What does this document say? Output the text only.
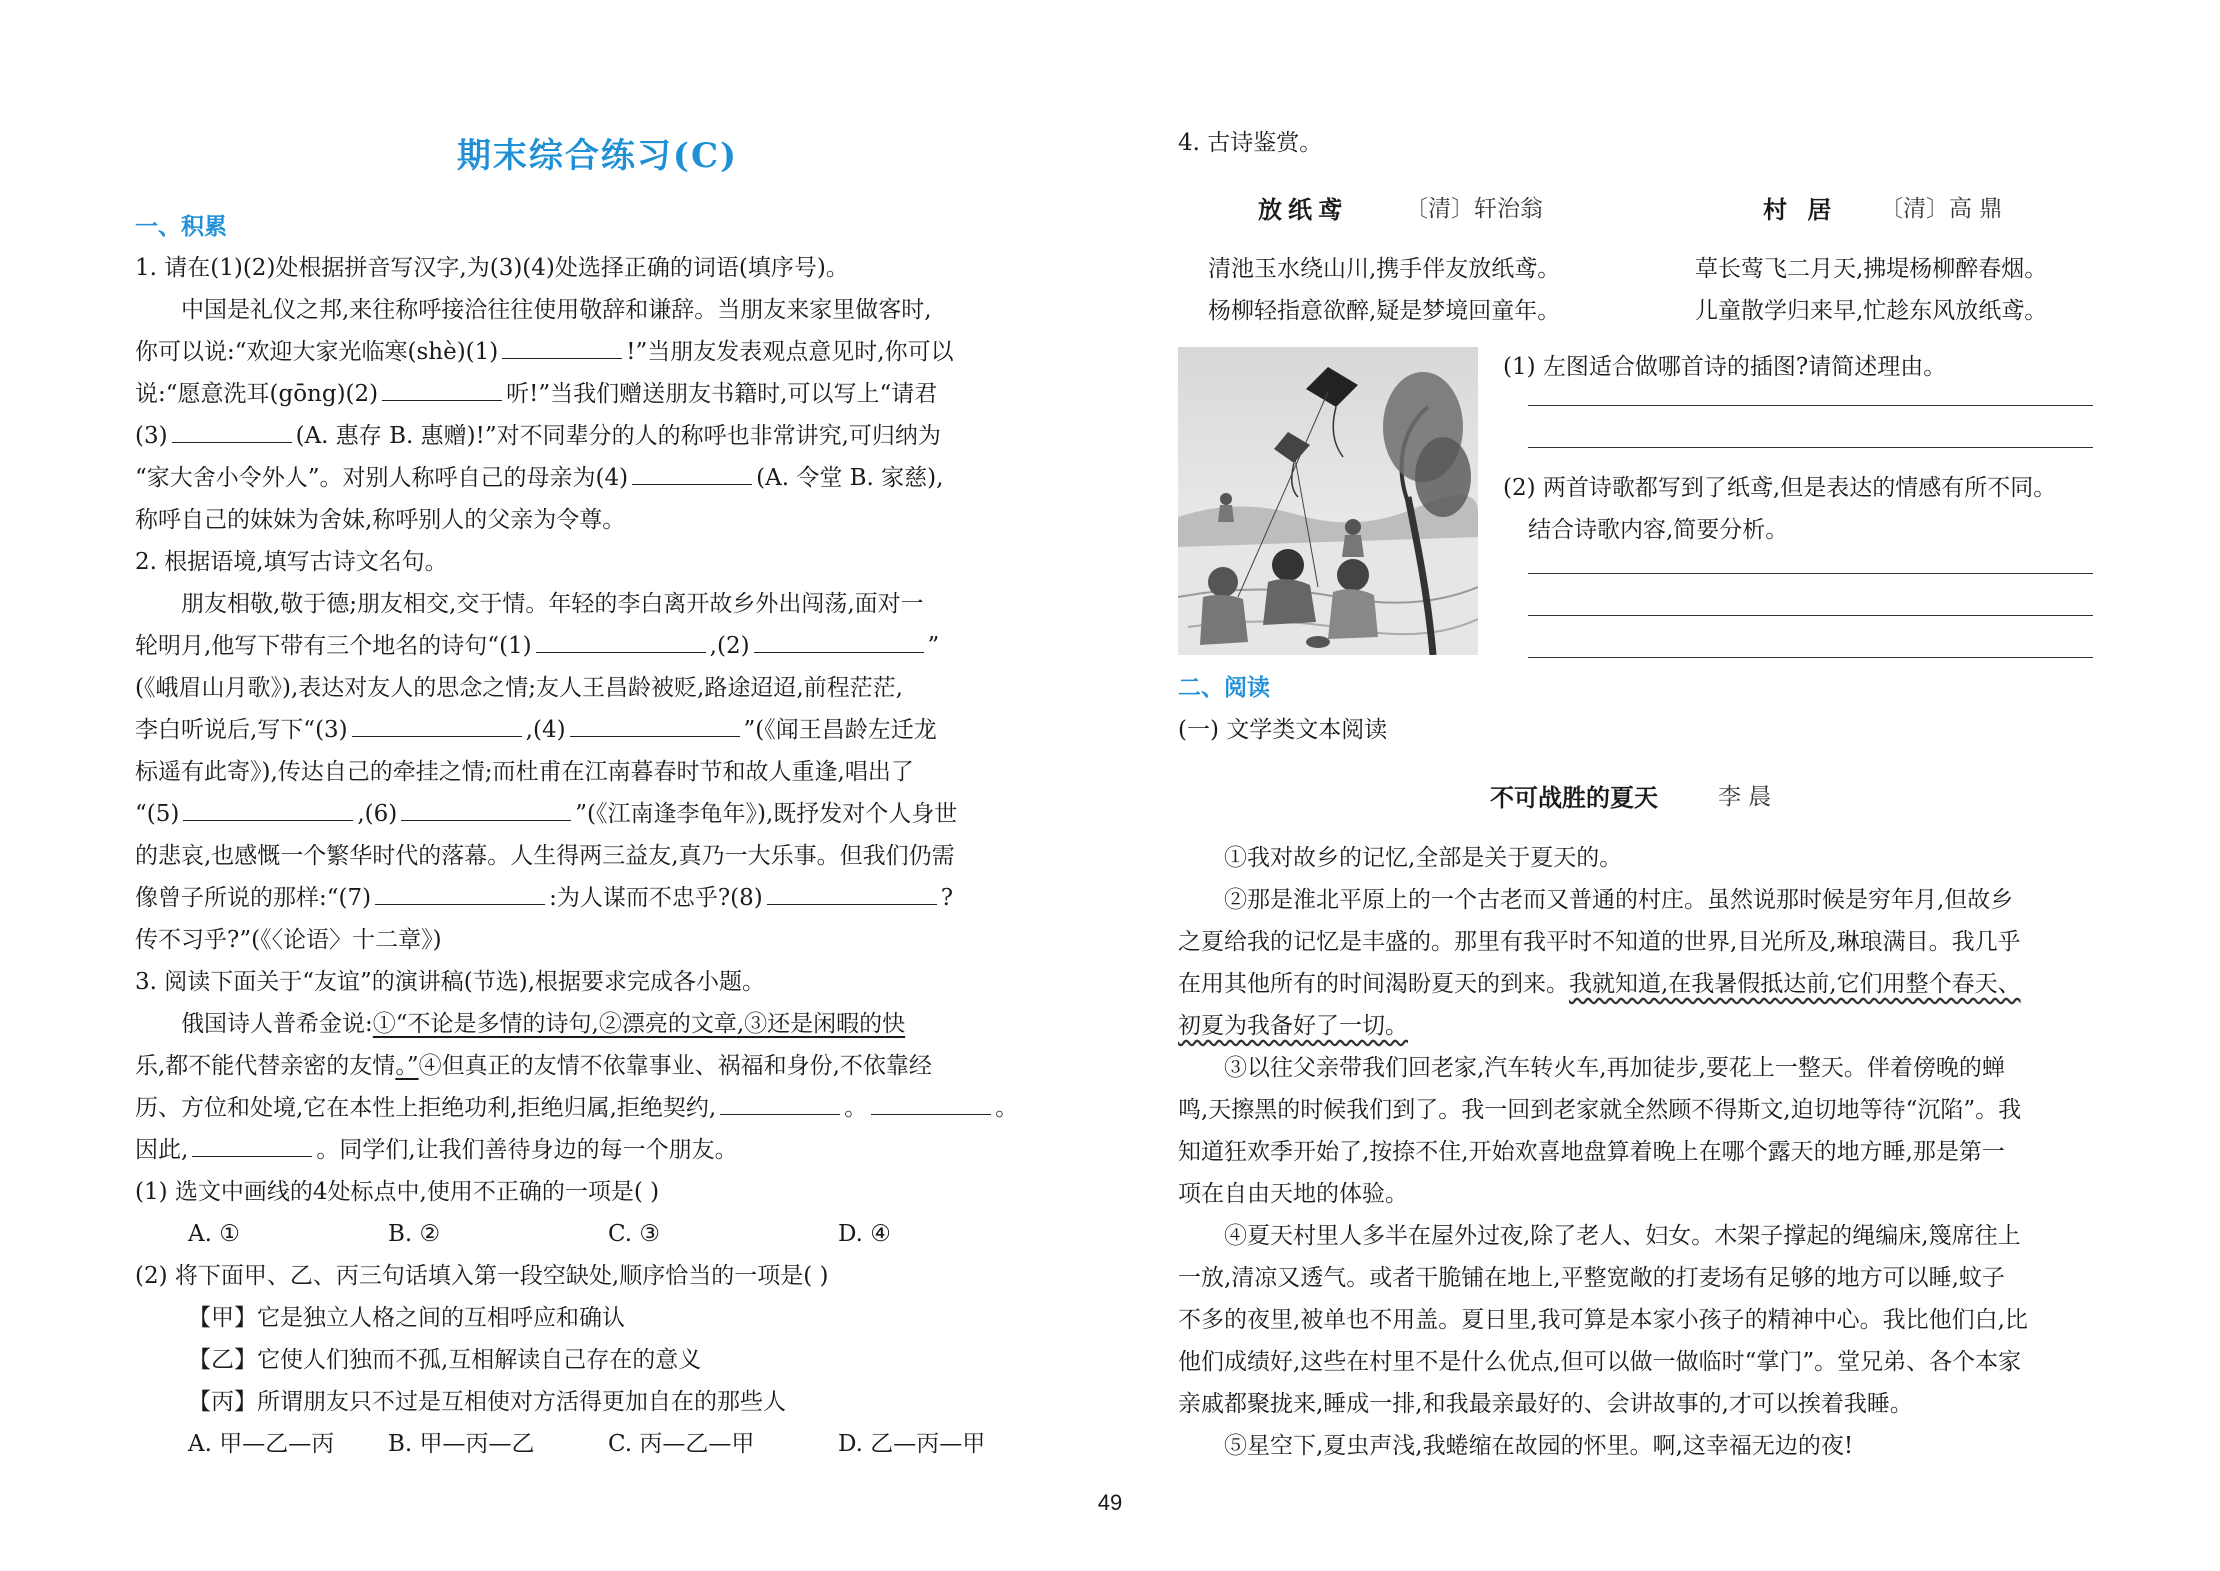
期末综合练习(C)
一、积累
1. 请在(1)(2)处根据拼音写汉字,为(3)(4)处选择正确的词语(填序号)。
中国是礼仪之邦,来往称呼接洽往往使用敬辞和谦辞。当朋友来家里做客时,
你可以说:“欢迎大家光临寒(shè)(1)	!”当朋友发表观点意见时,你可以
说:“愿意洗耳(gōng)(2)	听!”当我们赠送朋友书籍时,可以写上“请君
(3)	(A. 惠存 B. 惠赠)!”对不同辈分的人的称呼也非常讲究,可归纳为
“家大舍小令外人”。对别人称呼自己的母亲为(4)	(A. 令堂 B. 家慈),
称呼自己的妹妹为舍妹,称呼别人的父亲为令尊。
2. 根据语境,填写古诗文名句。
朋友相敬,敬于德;朋友相交,交于情。年轻的李白离开故乡外出闯荡,面对一
轮明月,他写下带有三个地名的诗句“(1)	,(2)	”
(《峨眉山月歌》),表达对友人的思念之情;友人王昌龄被贬,路途迢迢,前程茫茫,
李白听说后,写下“(3)	,(4)	”(《闻王昌龄左迁龙
标遥有此寄》),传达自己的牵挂之情;而杜甫在江南暮春时节和故人重逢,唱出了
“(5)	,(6)	”(《江南逢李龟年》),既抒发对个人身世
的悲哀,也感慨一个繁华时代的落幕。人生得两三益友,真乃一大乐事。但我们仍需
像曾子所说的那样:“(7)	:为人谋而不忠乎?(8)	?
传不习乎?”(《〈论语〉十二章》)
3. 阅读下面关于“友谊”的演讲稿(节选),根据要求完成各小题。
俄国诗人普希金说:①“不论是多情的诗句,②漂亮的文章,③还是闲暇的快
乐,都不能代替亲密的友情。”④但真正的友情不依靠事业、祸福和身份,不依靠经
历、方位和处境,它在本性上拒绝功利,拒绝归属,拒绝契约,	。	。
因此,	。同学们,让我们善待身边的每一个朋友。
(1) 选文中画线的4处标点中,使用不正确的一项是( )
A. ①	B. ②	C. ③	D. ④
(2) 将下面甲、乙、丙三句话填入第一段空缺处,顺序恰当的一项是( )
【甲】它是独立人格之间的互相呼应和确认
【乙】它使人们独而不孤,互相解读自己存在的意义
【丙】所谓朋友只不过是互相使对方活得更加自在的那些人
A. 甲—乙—丙 B. 甲—丙—乙	C. 丙—乙—甲	D. 乙—丙—甲
4. 古诗鉴赏。
放纸鸢 〔清〕轩治翁	村 居 〔清〕高 鼎
清池玉水绕山川,携手伴友放纸鸢。
杨柳轻指意欲醉,疑是梦境回童年。
草长莺飞二月天,拂堤杨柳醉春烟。
儿童散学归来早,忙趁东风放纸鸢。
(1) 左图适合做哪首诗的插图?请简述理由。
(2) 两首诗歌都写到了纸鸢,但是表达的情感有所不同。
结合诗歌内容,简要分析。
二、阅读
(一) 文学类文本阅读
不可战胜的夏天	李 晨
①我对故乡的记忆,全部是关于夏天的。
②那是淮北平原上的一个古老而又普通的村庄。虽然说那时候是穷年月,但故乡
之夏给我的记忆是丰盛的。那里有我平时不知道的世界,目光所及,琳琅满目。我几乎
在用其他所有的时间渴盼夏天的到来。我就知道,在我暑假抵达前,它们用整个春天、
初夏为我备好了一切。
③以往父亲带我们回老家,汽车转火车,再加徒步,要花上一整天。伴着傍晚的蝉
鸣,天擦黑的时候我们到了。我一回到老家就全然顾不得斯文,迫切地等待“沉陷”。我
知道狂欢季开始了,按捺不住,开始欢喜地盘算着晚上在哪个露天的地方睡,那是第一
项在自由天地的体验。
④夏天村里人多半在屋外过夜,除了老人、妇女。木架子撑起的绳编床,篾席往上
一放,清凉又透气。或者干脆铺在地上,平整宽敞的打麦场有足够的地方可以睡,蚊子
不多的夜里,被单也不用盖。夏日里,我可算是本家小孩子的精神中心。我比他们白,比
他们成绩好,这些在村里不是什么优点,但可以做一做临时“掌门”。堂兄弟、各个本家
亲戚都聚拢来,睡成一排,和我最亲最好的、会讲故事的,才可以挨着我睡。
⑤星空下,夏虫声浅,我蜷缩在故园的怀里。啊,这幸福无边的夜!
49
